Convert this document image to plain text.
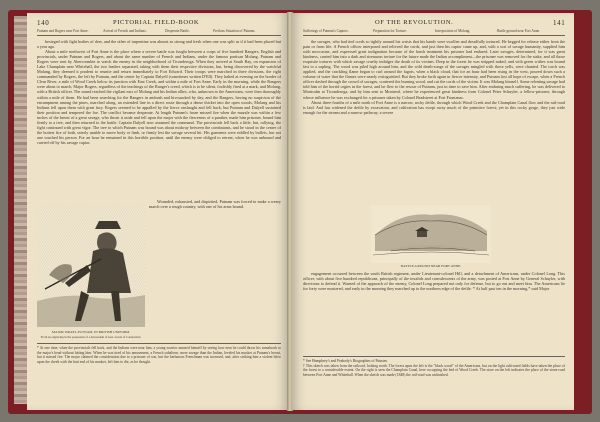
140	PICTORIAL FIELD-BOOK
Putnam and Rogers near Fort Anne.	Arrival of French and Indians.	Desperate Battle.	Perilous Situation of Putnam.

besieged with light bodies of deer, and the other of turpentine was almost as strong and fresh when one was split as if it had been placed but a year ago.

About a mile northwest of Fort Anne is the place where a severe battle was fought between a corps of five hundred Rangers, English and provincials, under Putnam and Rogers, and about the same number of French and Indians, under the famous partisan Molang. Putnam and Rogers were sent by Abercrombie to watch the enemy in the neighborhood of Ticonderoga. When they arrived at South Bay, on expansion of Lake Champlain near Whitehall, the two leaders separated, taking with them their respective divisions, but, being discovered by the watchful Molang, they deemed it prudent to reunite and return immediately to Fort Edward. Their troops were marched in three divisions, the right commanded by Rogers, the left by Putnam, and the center by Captain Dalyell (sometimes written D'Ell). They halted at evening on the border of Clear River, a mile of Wood Creek below its junction with East Creek, and within a mile of Fort Anne. Early in the morning, while the Rangers were about to march, Major Rogers, regardless of the teachings of the Ranger's creed, which is to be silent, foolishly fired at a mark, and Molang, with a British officer. The sound reached the vigilant ears of Molang and his Indian allies, who, unknown to the Americans, were then thoroughly within a mile of them. He had been searching for the Rangers in ambush and bivouacked by day, and the Rangers, having no suspicion of the encampment among the pines, marched along, an extended line in a direct route through a dense thicket into the open woods, Molang and his Indians fell upon them with great fury. Rogers seemed to be appalled by the fierce onslaught and fell back, but Putnam and Dalyell sustained their position and tempered the foe. The conflict became desperate. At length Putnam's fusee missed fire when the muzzle was within a few inches of the breast of a great savage, who thrust it aside and fell upon the major with the fierceness of a panther, made him prisoner, bound him firmly to a tree, and then returned to the battle. Captain Dalyell now assumed the command. The provincials fell back a little, but, rallying, the fight continued with great vigor. The tree to which Putnam was bound was about midway between the combatants, and he stood in the center of the hottest fire of both, utterly unable to move body or limb, or firmly lest the savage several hit. His garments were riddled by bullets, but not one touched his person. For an hour he remained in this horrible position, until the enemy were obliged to retreat, when he was unbound and carried off by his savage captor.

Wounded, exhausted, and dispirited, Putnam was forced to make a weary march over a rough country, with one of his arms bound.

MAJOR ISRAEL PUTNAM, IN BRITISH UNIFORM.
From an engraving in the possession of a descendant of Gen. Lewis of Connecticut.

* At one time, when the provincials fell back, and the Indians were near him, a young warrior amused himself by seeing how near he could throw his tomahawk to the major's head without hitting him. When he was tired of his amusement, a French subaltern, more savage than the Indian, leveled his musket at Putnam's breast, but it missed fire. The major claimed the consideration due to a prisoner of war, but the barbarous Frenchman was incensed, and, after striking him a violent blow upon the cheek with the butt end of his musket, left him to die, as he thought.

OF THE REVOLUTION.	141
Sufferings of Putnam's Captors.	Preparation for Torture.	Interposition of Molang.	Battle ground near Fort Anne.

the savages, who had tied cords so tightly around his wrists that his hands were swollen and dreadfully tortured. He begged for release either from the pain or from life. A French officer interposed and relieved the cords; and just then his captor came up, and, with a sort of savage humanity, supplied him with moccasins, and expressed great indignation because of the harsh treatment his prisoner had endured. Later savages, determined, for it was great kindness, carried him into a dark and strenuous torture for the future made the Indian accompliment—the prisoner was removed for the stake, and all those exquisite tortures with which savage cruelty indulges the death of its victims. Deep in the forest he was stripped naked, and with green withes was bound fast to a sapling. The wood was piled high around him, and the wild death-songs of the savages mingled with those yells, were chanted. The torch was applied, and the crackling flame began to curl around the fagots, when a black cloud, that for an hour had been rising in the west, poured down such a volume of water that the flames were nearly extinguished. But they broke forth again in fiercer intensity, and Putnam lost all hope of escape, when a French officer dashed through the crowd of savages, scattered the burning wood, and cut the cords of the victim. It was Molang himself. Some relenting savage had told him of the horrid orgies in the forest, and he flew to the rescue of Putnam, just in time to save him. After enduring much suffering, he was delivered to Montcalm at Ticonderoga, and by him sent to Montreal, where he experienced great kindness from Colonel Peter Schuyler, a fellow-prisoner, through whose influence he was exchanged for a prisoner taken by Colonel Bradstreet at Fort Frontenac.

About three-fourths of a mile north of Fort Anne is a narrow, rocky defile, through which Wood Creek and the Champlain Canal flow and the rail-road is laid. And has widened the defile by excavation, and cultivation has swept away much of the primitive forest; yet in this rocky gorge, they just wide enough for the stream and a narrow pathway, a severe

BATTLE-GROUND NEAR FORT ANNE.

engagement occurred between the south British regiment, under Lieutenant-colonel Hill, and a detachment of Americans, under Colonel Long. This officer, with about five hundred republicans, principally of the invalids and convalescents of the army, was posted at Fort Anne by General Schuyler, with directions to defend it. Warned of the approach of the enemy, Colonel Long prepared not only for defense, but to go out and meet him. The Americans lie for forty were mustered, and early in the morning they marched up to the northern edge of the defile. * At half past ten in the morning,* said Major

* See Humphrey's and Peabody's Biographies of Putnam.

† This sketch was taken from the railroad, looking north. The forest upon the left is the "black wood" of the Americans, but on the light cultivated fields have taken the place of the forest to a considerable extent. On the right is seen the Champlain Canal, here occupying the bed of Wood Creek. The store on the left indicates the place of the stone road between Fort Anne and Whitehall. When the sketch was made (1848) the rail-road was unfinished.
